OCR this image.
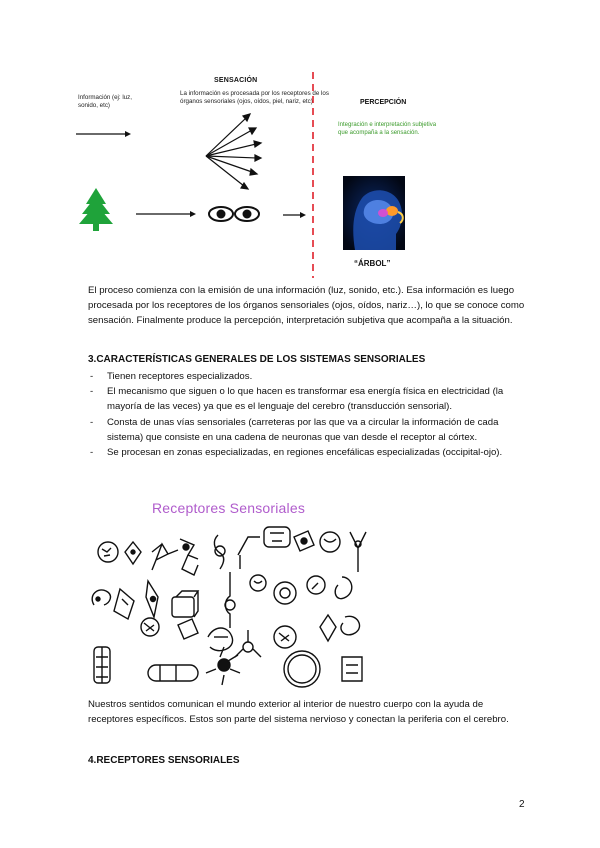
Información (ej: luz, sonido, etc)
SENSACIÓN
La información es procesada por los receptores de los órganos sensoriales (ojos, oídos, piel, nariz, etc)	PERCEPCIÓN
Integración e interpretación subjetiva que acompaña a la sensación.
“ÁRBOL”
El proceso comienza con la emisión de una información (luz, sonido, etc.). Esa información es luego procesada por los receptores de los órganos sensoriales (ojos, oídos, nariz…), lo que se conoce como sensación. Finalmente produce la percepción, interpretación subjetiva que acompaña a la situación.
3.CARACTERÍSTICAS GENERALES DE LOS SISTEMAS SENSORIALES
- Tienen receptores especializados.
- El mecanismo que siguen o lo que hacen es transformar esa energía física en electricidad (la mayoría de las veces) ya que es el lenguaje del cerebro (transducción sensorial).
- Consta de unas vías sensoriales (carreteras por las que va a circular la información de cada sistema) que consiste en una cadena de neuronas que van desde el receptor al córtex.
- Se procesan en zonas especializadas, en regiones encefálicas especializadas (occipital-ojo).
Receptores Sensoriales
Nuestros sentidos comunican el mundo exterior al interior de nuestro cuerpo con la ayuda de receptores específicos. Estos son parte del sistema nervioso y conectan la periferia con el cerebro.
4.RECEPTORES SENSORIALES
2
